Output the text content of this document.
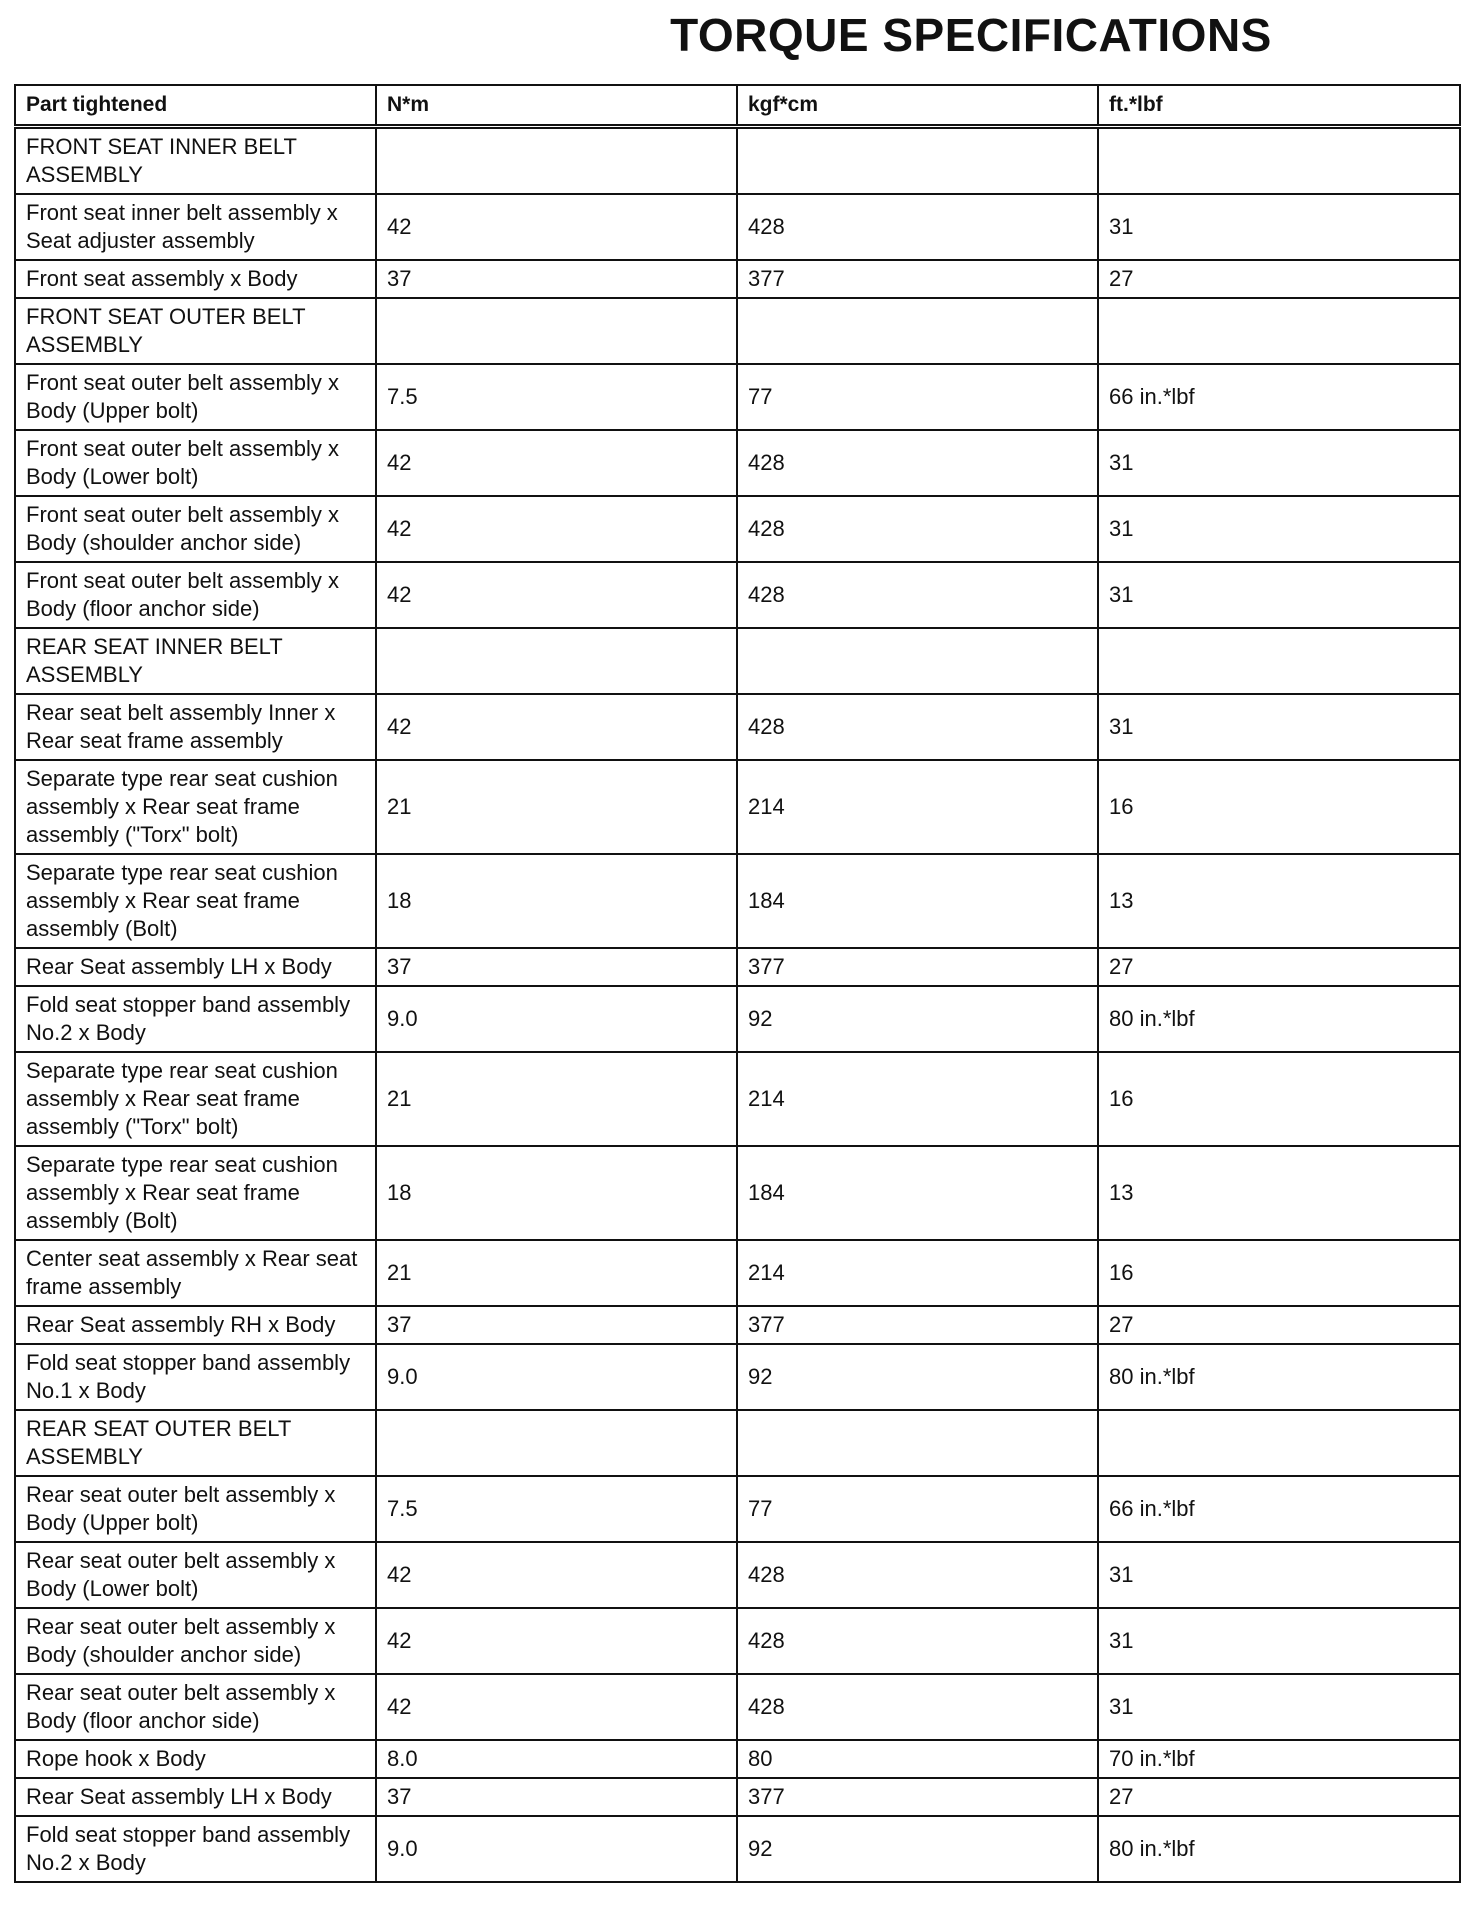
TORQUE SPECIFICATIONS
Part tightened	N*m	kgf*cm	ft.*lbf
FRONT SEAT INNER BELT ASSEMBLY			
Front seat inner belt assembly x Seat adjuster assembly	42	428	31
Front seat assembly x Body	37	377	27
FRONT SEAT OUTER BELT ASSEMBLY			
Front seat outer belt assembly x Body (Upper bolt)	7.5	77	66 in.*lbf
Front seat outer belt assembly x Body (Lower bolt)	42	428	31
Front seat outer belt assembly x Body (shoulder anchor side)	42	428	31
Front seat outer belt assembly x Body (floor anchor side)	42	428	31
REAR SEAT INNER BELT ASSEMBLY			
Rear seat belt assembly Inner x Rear seat frame assembly	42	428	31
Separate type rear seat cushion assembly x Rear seat frame assembly ("Torx" bolt)	21	214	16
Separate type rear seat cushion assembly x Rear seat frame assembly (Bolt)	18	184	13
Rear Seat assembly LH x Body	37	377	27
Fold seat stopper band assembly No.2 x Body	9.0	92	80 in.*lbf
Separate type rear seat cushion assembly x Rear seat frame assembly ("Torx" bolt)	21	214	16
Separate type rear seat cushion assembly x Rear seat frame assembly (Bolt)	18	184	13
Center seat assembly x Rear seat frame assembly	21	214	16
Rear Seat assembly RH x Body	37	377	27
Fold seat stopper band assembly No.1 x Body	9.0	92	80 in.*lbf
REAR SEAT OUTER BELT ASSEMBLY			
Rear seat outer belt assembly x Body (Upper bolt)	7.5	77	66 in.*lbf
Rear seat outer belt assembly x Body (Lower bolt)	42	428	31
Rear seat outer belt assembly x Body (shoulder anchor side)	42	428	31
Rear seat outer belt assembly x Body (floor anchor side)	42	428	31
Rope hook x Body	8.0	80	70 in.*lbf
Rear Seat assembly LH x Body	37	377	27
Fold seat stopper band assembly No.2 x Body	9.0	92	80 in.*lbf
